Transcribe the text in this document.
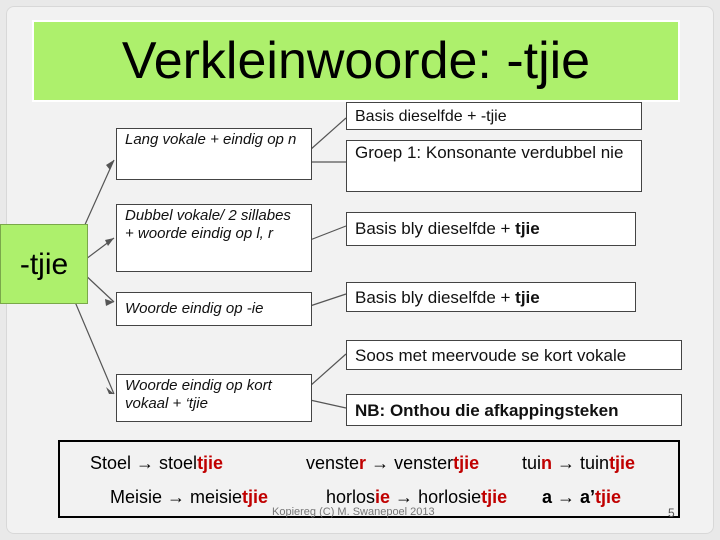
Verkleinwoorde: -tjie
-tjie
Basis dieselfde + -tjie
Lang vokale + eindig op n
Groep 1: Konsonante verdubbel nie
Dubbel vokale/ 2 sillabes + woorde eindig op l, r	Basis bly dieselfde + tjie
Woorde eindig op -ie
Basis bly dieselfde + tjie
Soos met meervoude se kort vokale
Woorde eindig op kort vokaal + ‘tjie	NB: Onthou die afkappingsteken
Stoel → stoeltjie	venster → venstertjie tuin → tuintjie
Meisie → meisietjie	horlosie → horlosietjie a → a’tjie
Kopiereg (C) M. Swanepoel 2013	5
